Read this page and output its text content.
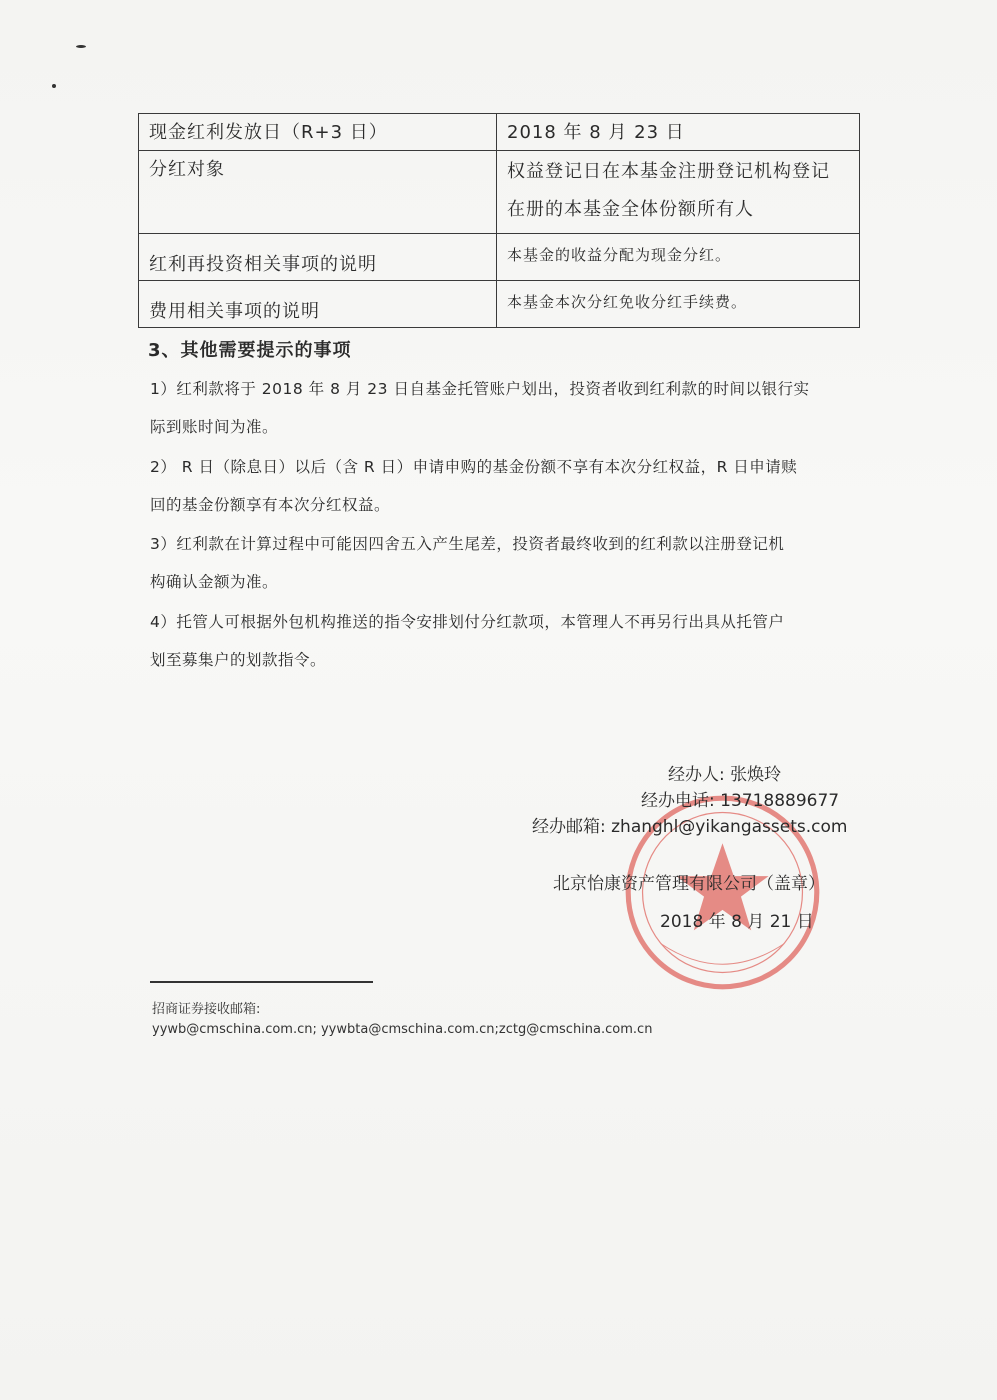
现金红利发放日（R+3 日）	2018 年 8 月 23 日
分红对象	权益登记日在本基金注册登记机构登记
在册的本基金全体份额所有人

红利再投资相关事项的说明	本基金的收益分配为现金分红。
费用相关事项的说明	本基金本次分红免收分红手续费。
3、其他需要提示的事项
1）红利款将于 2018 年 8 月 23 日自基金托管账户划出，投资者收到红利款的时间以银行实
际到账时间为准。
2） R 日（除息日）以后（含 R 日）申请申购的基金份额不享有本次分红权益，R 日申请赎
回的基金份额享有本次分红权益。
3）红利款在计算过程中可能因四舍五入产生尾差，投资者最终收到的红利款以注册登记机
构确认金额为准。
4）托管人可根据外包机构推送的指令安排划付分红款项，本管理人不再另行出具从托管户
划至募集户的划款指令。
经办人: 张焕玲
经办电话: 13718889677
经办邮箱: zhanghl@yikangassets.com
北京怡康资产管理有限公司（盖章）
2018 年 8 月 21 日
招商证券接收邮箱:
yywb@cmschina.com.cn; yywbta@cmschina.com.cn;zctg@cmschina.com.cn
